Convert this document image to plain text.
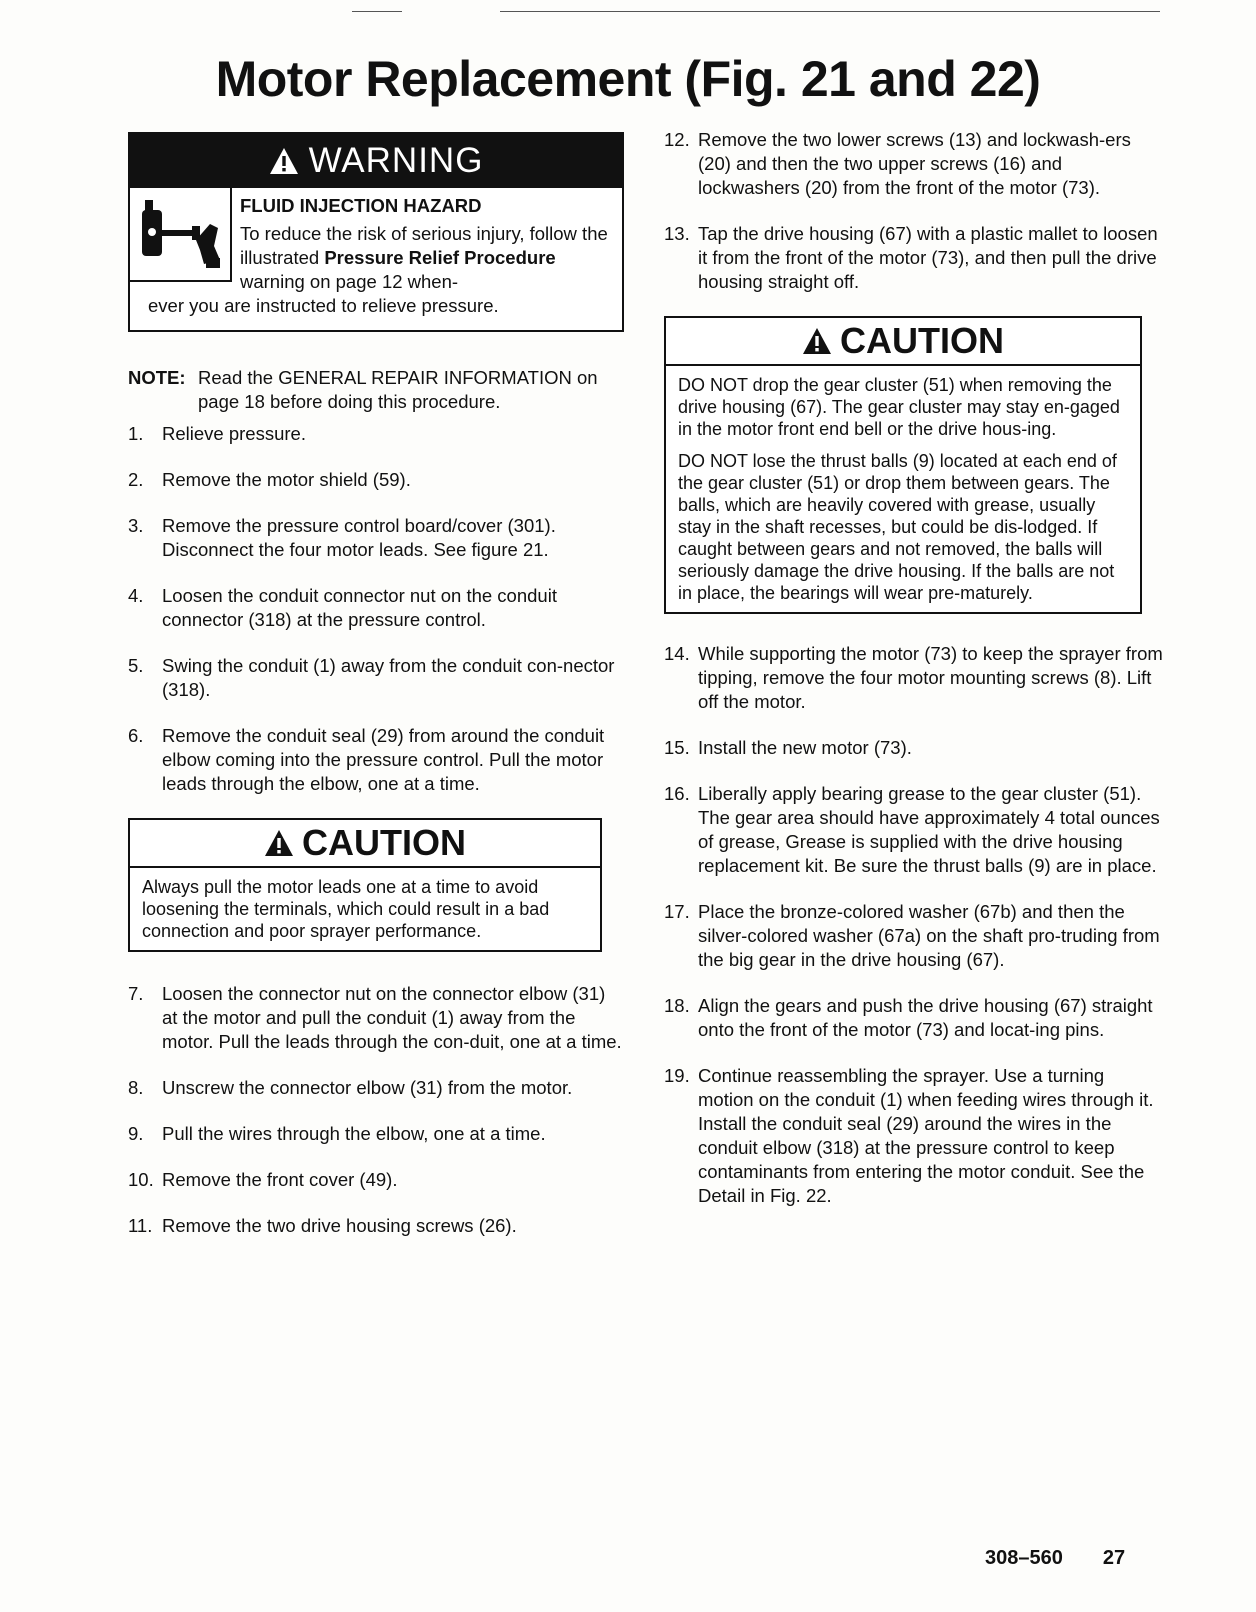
Motor Replacement (Fig. 21 and 22)
WARNING
FLUID INJECTION HAZARD
To reduce the risk of serious injury, follow the illustrated Pressure Relief Procedure warning on page 12 when-
ever you are instructed to relieve pressure.
NOTE: Read the GENERAL REPAIR INFORMATION on page 18 before doing this procedure.
1.	Relieve pressure.
2.	Remove the motor shield (59).
3.	Remove the pressure control board/cover (301). Disconnect the four motor leads. See figure 21.
4.	Loosen the conduit connector nut on the conduit connector (318) at the pressure control.
5.	Swing the conduit (1) away from the conduit con-nector (318).
6.	Remove the conduit seal (29) from around the conduit elbow coming into the pressure control. Pull the motor leads through the elbow, one at a time.
CAUTION
Always pull the motor leads one at a time to avoid loosening the terminals, which could result in a bad connection and poor sprayer performance.
7.	Loosen the connector nut on the connector elbow (31) at the motor and pull the conduit (1) away from the motor. Pull the leads through the con-duit, one at a time.
8.	Unscrew the connector elbow (31) from the motor.
9.	Pull the wires through the elbow, one at a time.
10. Remove the front cover (49).
11. Remove the two drive housing screws (26).
12. Remove the two lower screws (13) and lockwash-ers (20) and then the two upper screws (16) and lockwashers (20) from the front of the motor (73).
13. Tap the drive housing (67) with a plastic mallet to loosen it from the front of the motor (73), and then pull the drive housing straight off.
CAUTION

DO NOT drop the gear cluster (51) when removing the drive housing (67). The gear cluster may stay en-gaged in the motor front end bell or the drive hous-ing.

DO NOT lose the thrust balls (9) located at each end of the gear cluster (51) or drop them between gears. The balls, which are heavily covered with grease, usually stay in the shaft recesses, but could be dis-lodged. If caught between gears and not removed, the balls will seriously damage the drive housing. If the balls are not in place, the bearings will wear pre-maturely.

14. While supporting the motor (73) to keep the sprayer from tipping, remove the four motor mounting screws (8). Lift off the motor.
15. Install the new motor (73).
16. Liberally apply bearing grease to the gear cluster (51). The gear area should have approximately 4 total ounces of grease, Grease is supplied with the drive housing replacement kit. Be sure the thrust balls (9) are in place.
17. Place the bronze-colored washer (67b) and then the silver-colored washer (67a) on the shaft pro-truding from the big gear in the drive housing (67).
18. Align the gears and push the drive housing (67) straight onto the front of the motor (73) and locat-ing pins.
19. Continue reassembling the sprayer. Use a turning motion on the conduit (1) when feeding wires through it. Install the conduit seal (29) around the wires in the conduit elbow (318) at the pressure control to keep contaminants from entering the motor conduit. See the Detail in Fig. 22.
308–560 27
